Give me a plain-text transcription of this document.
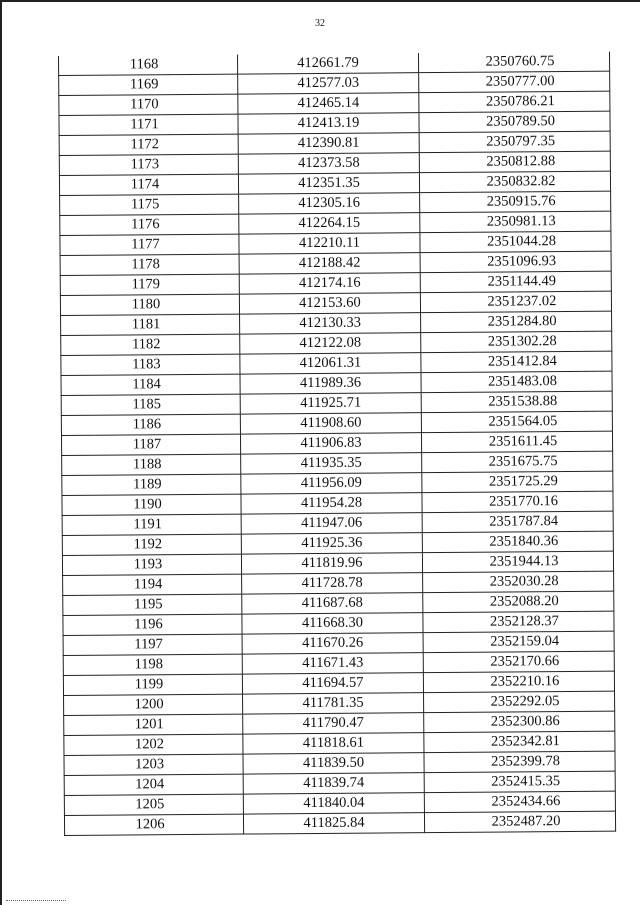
32
1168	412661.79	2350760.75
1169	412577.03	2350777.00
1170	412465.14	2350786.21
1171	412413.19	2350789.50
1172	412390.81	2350797.35
1173	412373.58	2350812.88
1174	412351.35	2350832.82
1175	412305.16	2350915.76
1176	412264.15	2350981.13
1177	412210.11	2351044.28
1178	412188.42	2351096.93
1179	412174.16	2351144.49
1180	412153.60	2351237.02
1181	412130.33	2351284.80
1182	412122.08	2351302.28
1183	412061.31	2351412.84
1184	411989.36	2351483.08
1185	411925.71	2351538.88
1186	411908.60	2351564.05
1187	411906.83	2351611.45
1188	411935.35	2351675.75
1189	411956.09	2351725.29
1190	411954.28	2351770.16
1191	411947.06	2351787.84
1192	411925.36	2351840.36
1193	411819.96	2351944.13
1194	411728.78	2352030.28
1195	411687.68	2352088.20
1196	411668.30	2352128.37
1197	411670.26	2352159.04
1198	411671.43	2352170.66
1199	411694.57	2352210.16
1200	411781.35	2352292.05
1201	411790.47	2352300.86
1202	411818.61	2352342.81
1203	411839.50	2352399.78
1204	411839.74	2352415.35
1205	411840.04	2352434.66
1206	411825.84	2352487.20
